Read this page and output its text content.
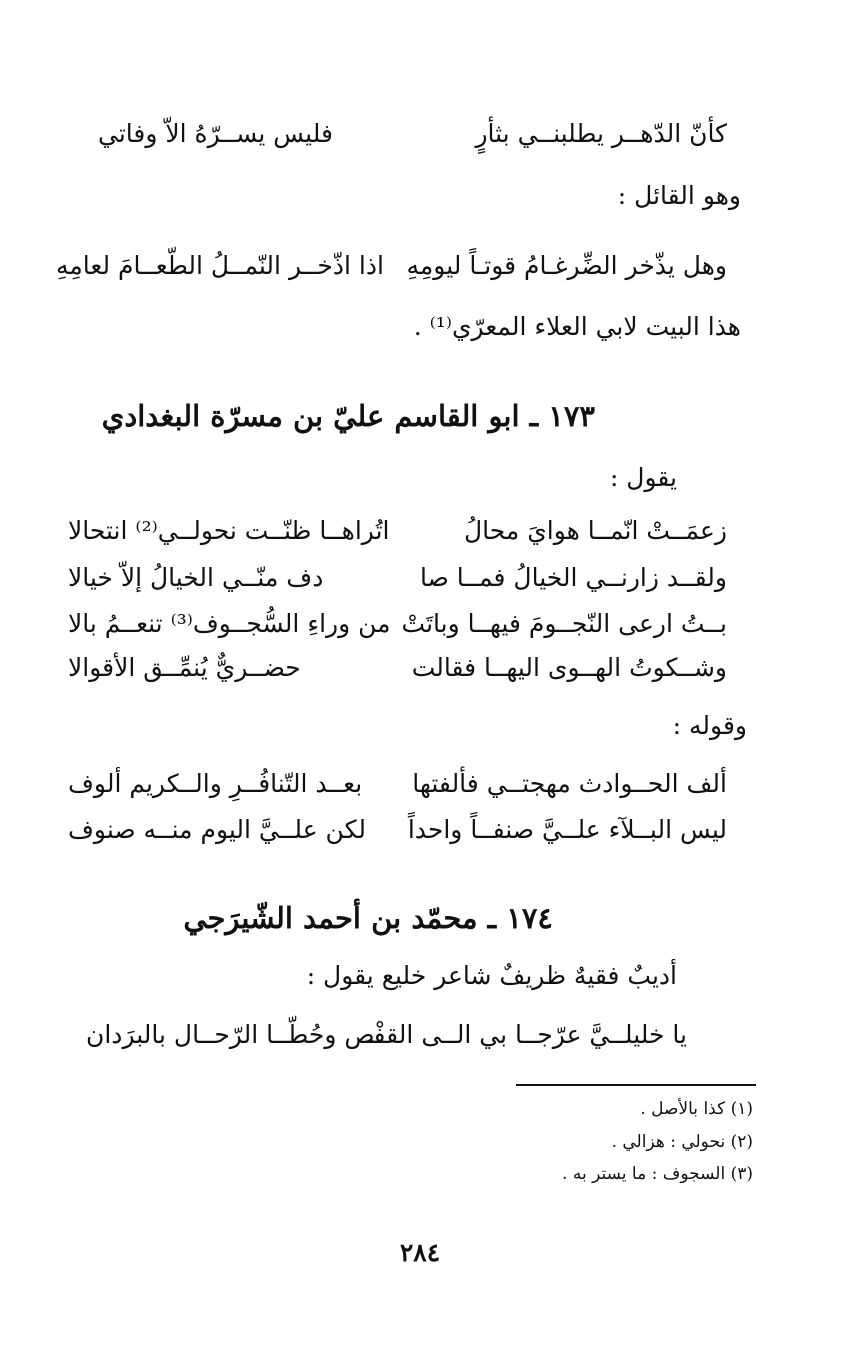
كأنّ الدّهــر يطلبنــي بثأرٍ
فليس يســرّهُ الاّ وفاتي
وهو القائل :
وهل يذّخر الضِّرغـامُ قوتـاً ليومِهِ
اذا اذّخــر النّمــلُ الطّعــامَ لعامِهِ
هذا البيت لابي العلاء المعرّي⁽¹⁾ .
١٧٣ ـ ابو القاسم عليّ بن مسرّة البغدادي
يقول :
زعمَــتْ انّمــا هوايَ محالُ
اتُراهــا ظنّــت نحولــي⁽²⁾ انتحالا
ولقــد زارنــي الخيالُ فمــا صا
دف منّــي الخيالُ إلاّ خيالا
بــتُ ارعى النّجــومَ فيهــا وباتَتْ
من وراءِ السُّجــوف⁽³⁾ تنعــمُ بالا
وشــكوتُ الهــوى اليهــا فقالت
حضــريٌّ يُنمِّــق الأقوالا
وقوله :
ألف الحــوادث مهجتــي فألفتها
بعــد التّنافُــرِ والــكريم ألوف
ليس البــلآء علــيَّ صنفــاً واحداً
لكن علــيَّ اليوم منــه صنوف
١٧٤ ـ محمّد بن أحمد الشّيرَجي
أديبٌ فقيهٌ ظريفٌ شاعر خليع يقول :
يا خليلــيَّ عرّجــا بي الــى القفْـ
ـص وحُطّــا الرّحــال بالبرَدان
(١) كذا بالأصل .
(٢) نحولي : هزالي .
(٣) السجوف : ما يستر به .
٢٨٤
